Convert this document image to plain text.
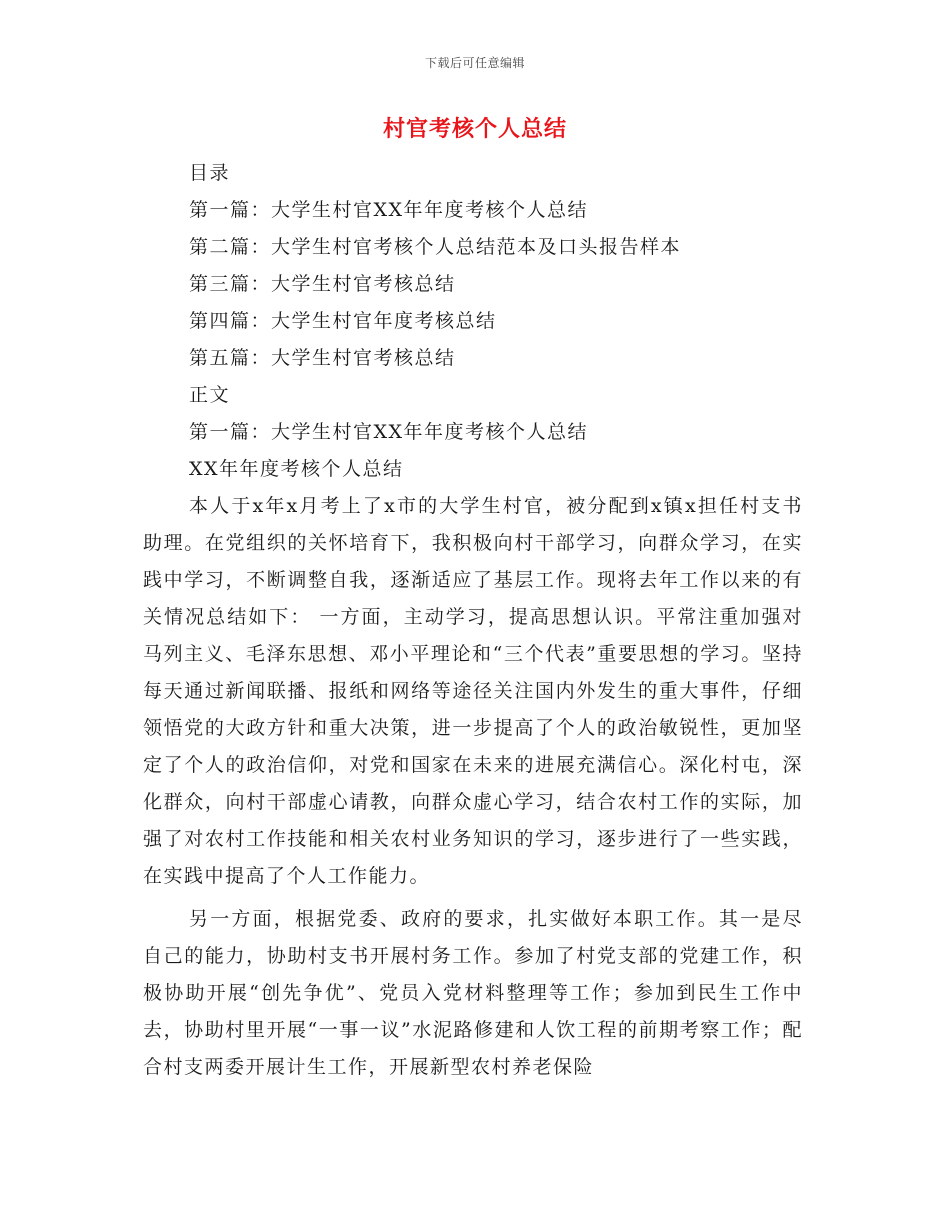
下载后可任意编辑
村官考核个人总结

目录

第一篇：大学生村官XX年年度考核个人总结

第二篇：大学生村官考核个人总结范本及口头报告样本

第三篇：大学生村官考核总结

第四篇：大学生村官年度考核总结

第五篇：大学生村官考核总结

正文

第一篇：大学生村官XX年年度考核个人总结

XX年年度考核个人总结

本人于x年x月考上了x市的大学生村官，被分配到x镇x担任村支书助理。在党组织的关怀培育下，我积极向村干部学习，向群众学习，在实践中学习，不断调整自我，逐渐适应了基层工作。现将去年工作以来的有关情况总结如下： 一方面，主动学习，提高思想认识。平常注重加强对马列主义、毛泽东思想、邓小平理论和“三个代表”重要思想的学习。坚持每天通过新闻联播、报纸和网络等途径关注国内外发生的重大事件，仔细领悟党的大政方针和重大决策，进一步提高了个人的政治敏锐性，更加坚定了个人的政治信仰，对党和国家在未来的进展充满信心。深化村屯，深化群众，向村干部虚心请教，向群众虚心学习，结合农村工作的实际，加强了对农村工作技能和相关农村业务知识的学习，逐步进行了一些实践，在实践中提高了个人工作能力。

另一方面，根据党委、政府的要求，扎实做好本职工作。其一是尽自己的能力，协助村支书开展村务工作。参加了村党支部的党建工作，积极协助开展“创先争优”、党员入党材料整理等工作；参加到民生工作中去，协助村里开展“一事一议”水泥路修建和人饮工程的前期考察工作；配合村支两委开展计生工作，开展新型农村养老保险
